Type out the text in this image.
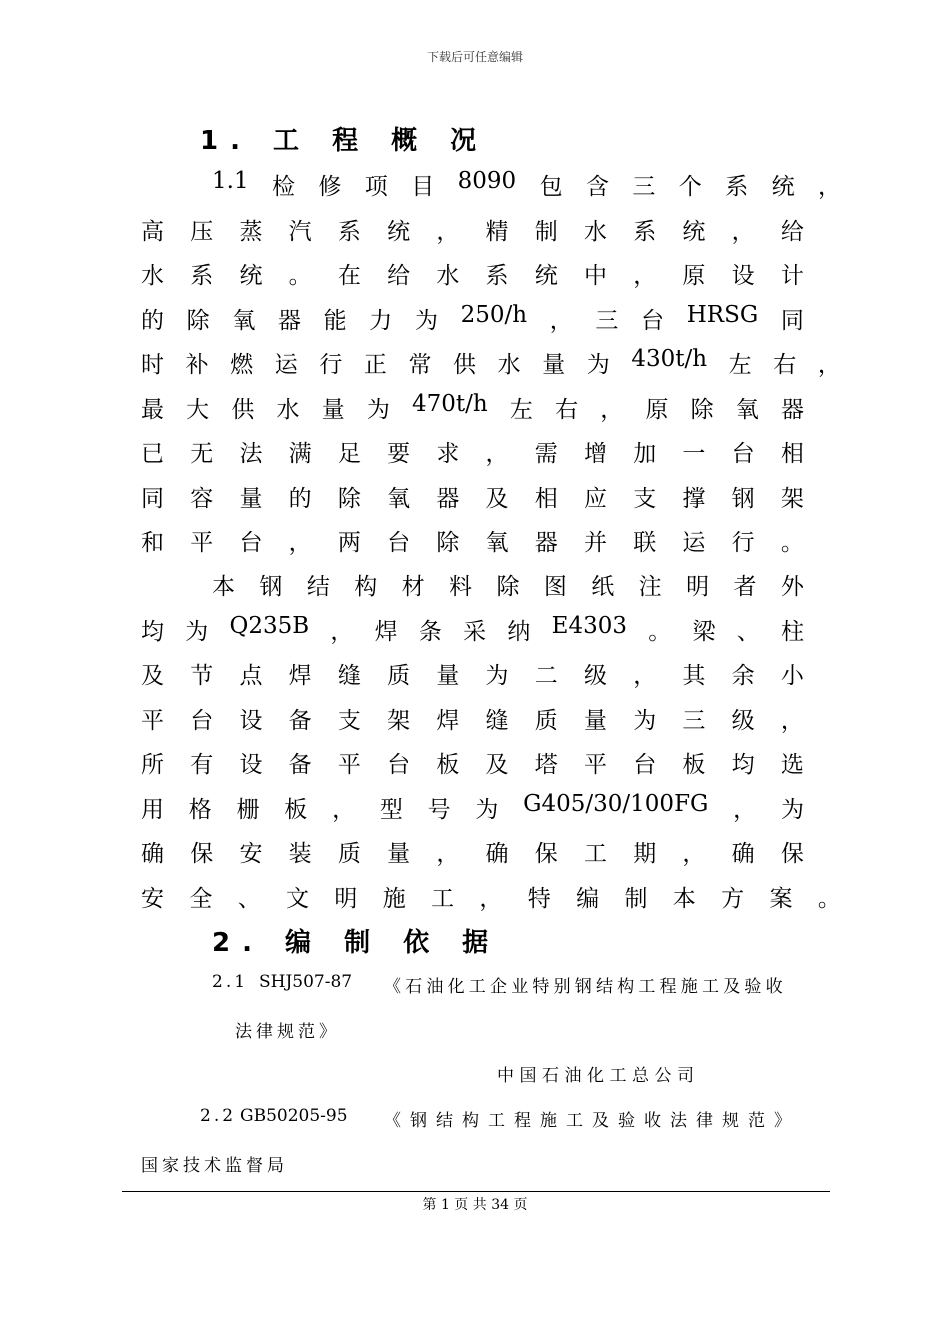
下载后可任意编辑
1. 工 程 概 况
1.1 检 修 项 目 8090 包 含 三 个 系 统 ，
高 压 蒸 汽 系 统 ， 精 制 水 系 统 ， 给
水 系 统 。 在 给 水 系 统 中 ， 原 设 计
的 除 氧 器 能 力 为 250/h ， 三 台 HRSG 同
时 补 燃 运 行 正 常 供 水 量 为 430t/h 左 右 ，
最 大 供 水 量 为 470t/h 左 右 ， 原 除 氧 器
已 无 法 满 足 要 求 ， 需 增 加 一 台 相
同 容 量 的 除 氧 器 及 相 应 支 撑 钢 架
和 平 台 ， 两 台 除 氧 器 并 联 运 行 。
本 钢 结 构 材 料 除 图 纸 注 明 者 外
均 为 Q235B ， 焊 条 采 纳 E4303 。 梁 、 柱
及 节 点 焊 缝 质 量 为 二 级 ， 其 余 小
平 台 设 备 支 架 焊 缝 质 量 为 三 级 ，
所 有 设 备 平 台 板 及 塔 平 台 板 均 选
用 格 栅 板 ， 型 号 为 G405/30/100FG ， 为
确 保 安 装 质 量 ， 确 保 工 期 ， 确 保
安 全 、 文 明 施 工 ， 特 编 制 本 方 案 。
2. 编 制 依 据
2.1 SHJ507-87 《石油化工企业特别钢结构工程施工及验收
法律规范》
中国石油化工总公司
2.2 GB50205-95 《 钢 结 构 工 程 施 工 及 验 收 法 律 规 范 》
国家技术监督局
第 1 页 共 34 页
